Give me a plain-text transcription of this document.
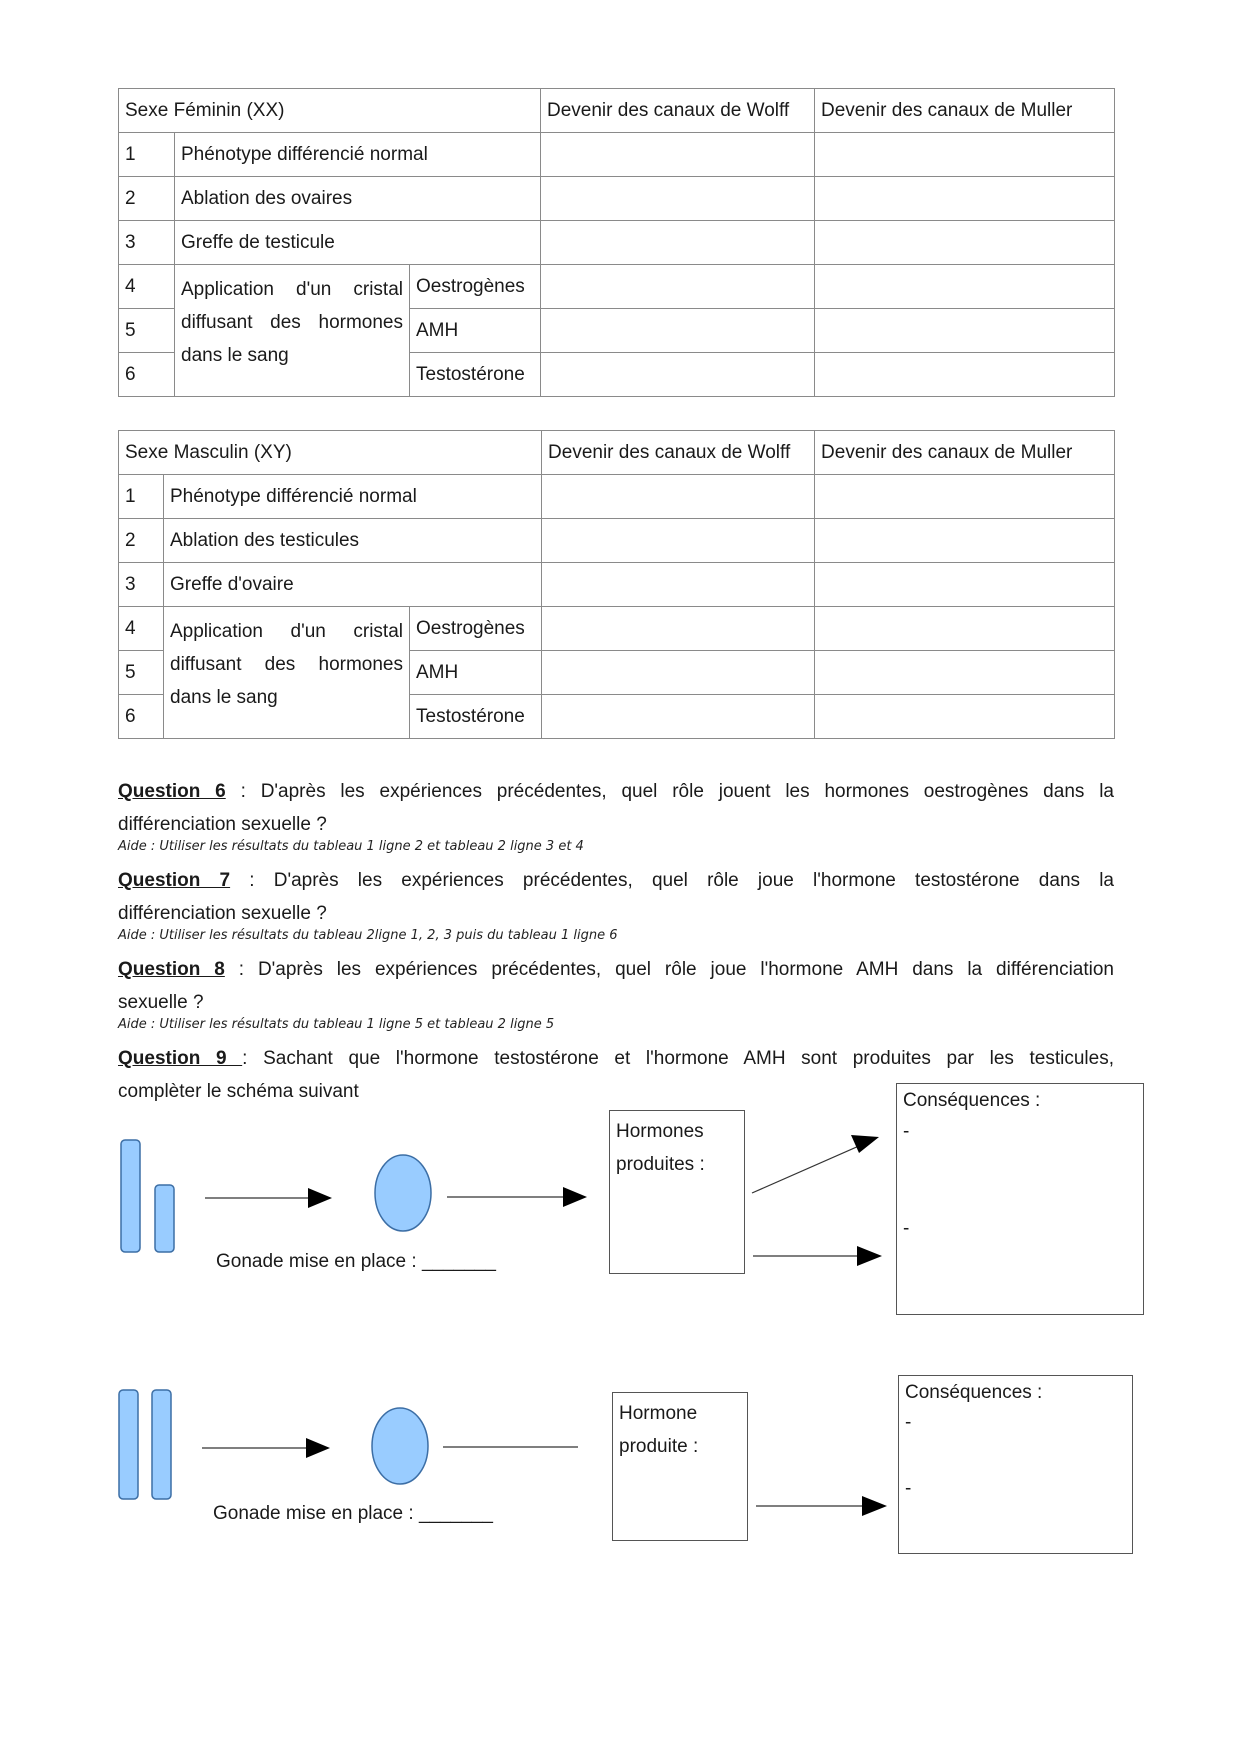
Sexe Féminin (XX)			Devenir des canaux de Wolff	Devenir des canaux de Muller
1	Phénotype différencié normal			
2	Ablation des ovaires			
3	Greffe de testicule			
4	Application d'un cristal diffusant des hormones dans le sang	Oestrogènes		
5		AMH		
6		Testostérone		
Sexe Masculin (XY)			Devenir des canaux de Wolff	Devenir des canaux de Muller
1	Phénotype différencié normal			
2	Ablation des testicules			
3	Greffe d'ovaire			
4	Application d'un cristal diffusant des hormones dans le sang	Oestrogènes		
5		AMH		
6		Testostérone		
Question 6 : D'après les expériences précédentes, quel rôle jouent les hormones oestrogènes dans la
différenciation sexuelle ?
Aide : Utiliser les résultats du tableau 1 ligne 2 et tableau 2 ligne 3 et 4
Question 7 : D'après les expériences précédentes, quel rôle joue l'hormone testostérone dans la
différenciation sexuelle ?
Aide : Utiliser les résultats du tableau 2ligne 1, 2, 3 puis du tableau 1 ligne 6
Question 8 : D'après les expériences précédentes, quel rôle joue l'hormone AMH dans la différenciation
sexuelle ?
Aide : Utiliser les résultats du tableau 1 ligne 5 et tableau 2 ligne 5
Question 9 : Sachant que l'hormone testostérone et l'hormone AMH sont produites par les testicules,
complèter le schéma suivant
Gonade mise en place : _______
Hormones
produites :
Conséquences :
-
-
Gonade mise en place : _______
Hormone
produite :
Conséquences :
-
-
